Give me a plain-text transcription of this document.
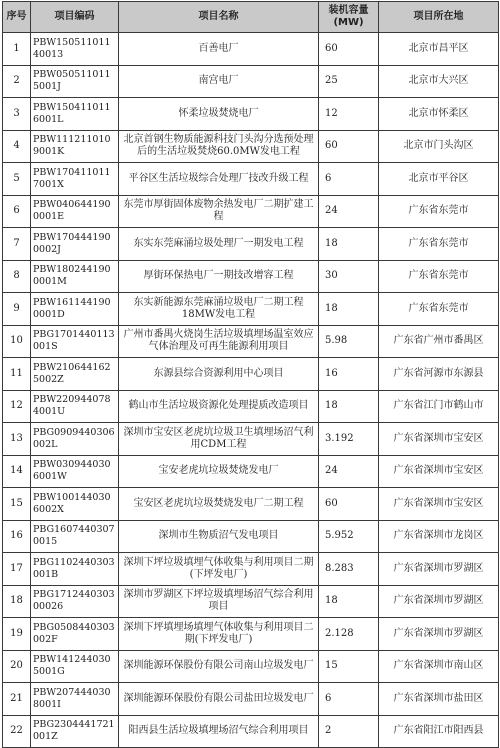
序号	项目编码	项目名称	装机容量(MW)	项目所在地
1	PBW15051101140013	百善电厂	60	北京市昌平区
2	PBW0505110115001J	南宫电厂	25	北京市大兴区
3	PBW1504110116001L	怀柔垃圾焚烧电厂	12	北京市怀柔区
4	PBW1112110109001K	北京首钢生物质能源科技门头沟分选预处理后的生活垃圾焚烧60.0MW发电工程	60	北京市门头沟区
5	PBW1704110117001X	平谷区生活垃圾综合处理厂技改升级工程	6	北京市平谷区
6	PBW0406441900001E	东莞市厚街固体废物余热发电厂二期扩建工程	24	广东省东莞市
7	PBW1704441900002J	东实东莞麻涌垃圾处理厂一期发电工程	18	广东省东莞市
8	PBW1802441900001M	厚街环保热电厂一期技改增容工程	30	广东省东莞市
9	PBW1611441900001D	东实新能源东莞麻涌垃圾电厂二期工程18MW发电工程	18	广东省东莞市
10	PBG1701440113001S	广州市番禺火烧岗生活垃圾填埋场温室效应气体治理及可再生能源利用项目	5.98	广东省广州市番禺区
11	PBW2106441625002Z	东源县综合资源利用中心项目	16	广东省河源市东源县
12	PBW2209440784001U	鹤山市生活垃圾资源化处理提质改造项目	18	广东省江门市鹤山市
13	PBG0909440306002L	深圳市宝安区老虎坑垃圾卫生填埋场沼气利用CDM工程	3.192	广东省深圳市宝安区
14	PBW0309440306001W	宝安老虎坑垃圾焚烧发电厂	24	广东省深圳市宝安区
15	PBW1001440306002X	宝安区老虎坑垃圾焚烧发电厂二期工程	60	广东省深圳市宝安区
16	PBG16074403070015	深圳市生物质沼气发电项目	5.952	广东省深圳市龙岗区
17	PBG1102440303001B	深圳下坪垃圾填埋气体收集与利用项目二期(下坪发电厂)	8.283	广东省深圳市罗湖区
18	PBG171244030300026	深圳市罗湖区下坪垃圾填埋场沼气综合利用项目	18	广东省深圳市罗湖区
19	PBG0508440303002F	深圳下坪填埋场填埋气体收集与利用项目二期(下坪发电厂)	2.128	广东省深圳市罗湖区
20	PBW1412440305001G	深圳能源环保股份有限公司南山垃圾发电厂	15	广东省深圳市南山区
21	PBW2074440308001I	深圳能源环保股份有限公司盐田垃圾发电厂	6	广东省深圳市盐田区
22	PBG2304441721001Z	阳西县生活垃圾填埋场沼气综合利用项目	2	广东省阳江市阳西县
